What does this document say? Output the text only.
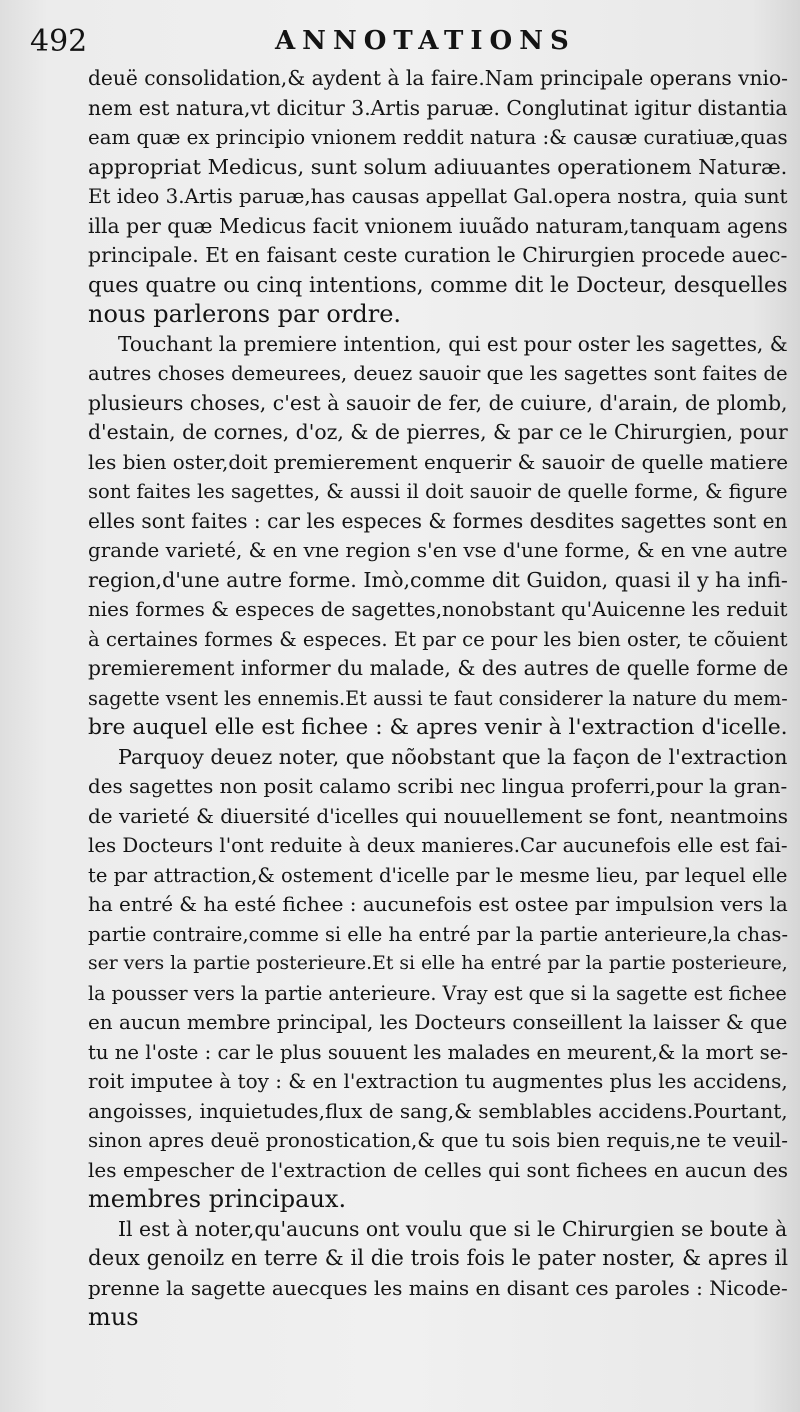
492	ANNOTATIONS
deuë consolidation,& aydent à la faire.Nam principale operans vnio-
nem est natura,vt dicitur 3.Artis paruæ. Conglutinat igitur distantia
eam quæ ex principio vnionem reddit natura :& causæ curatiuæ,quas
appropriat Medicus, sunt solum adiuuantes operationem Naturæ.
Et ideo 3.Artis paruæ,has causas appellat Gal.opera nostra, quia sunt
illa per quæ Medicus facit vnionem iuuãdo naturam,tanquam agens
principale. Et en faisant ceste curation le Chirurgien procede auec-
ques quatre ou cinq intentions, comme dit le Docteur, desquelles
nous parlerons par ordre.
Touchant la premiere intention, qui est pour oster les sagettes, &
autres choses demeurees, deuez sauoir que les sagettes sont faites de
plusieurs choses, c'est à sauoir de fer, de cuiure, d'arain, de plomb,
d'estain, de cornes, d'oz, & de pierres, & par ce le Chirurgien, pour
les bien oster,doit premierement enquerir & sauoir de quelle matiere
sont faites les sagettes, & aussi il doit sauoir de quelle forme, & figure
elles sont faites : car les especes & formes desdites sagettes sont en
grande varieté, & en vne region s'en vse d'une forme, & en vne autre
region,d'une autre forme. Imò,comme dit Guidon, quasi il y ha infi-
nies formes & especes de sagettes,nonobstant qu'Auicenne les reduit
à certaines formes & especes. Et par ce pour les bien oster, te cõuient
premierement informer du malade, & des autres de quelle forme de
sagette vsent les ennemis.Et aussi te faut considerer la nature du mem-
bre auquel elle est fichee : & apres venir à l'extraction d'icelle.
Parquoy deuez noter, que nõobstant que la façon de l'extraction
des sagettes non posit calamo scribi nec lingua proferri,pour la gran-
de varieté & diuersité d'icelles qui nouuellement se font, neantmoins
les Docteurs l'ont reduite à deux manieres.Car aucunefois elle est fai-
te par attraction,& ostement d'icelle par le mesme lieu, par lequel elle
ha entré & ha esté fichee : aucunefois est ostee par impulsion vers la
partie contraire,comme si elle ha entré par la partie anterieure,la chas-
ser vers la partie posterieure.Et si elle ha entré par la partie posterieure,
la pousser vers la partie anterieure. Vray est que si la sagette est fichee
en aucun membre principal, les Docteurs conseillent la laisser & que
tu ne l'oste : car le plus souuent les malades en meurent,& la mort se-
roit imputee à toy : & en l'extraction tu augmentes plus les accidens,
angoisses, inquietudes,flux de sang,& semblables accidens.Pourtant,
sinon apres deuë pronostication,& que tu sois bien requis,ne te veuil-
les empescher de l'extraction de celles qui sont fichees en aucun des
membres principaux.
Il est à noter,qu'aucuns ont voulu que si le Chirurgien se boute à
deux genoilz en terre & il die trois fois le pater noster, & apres il
prenne la sagette auecques les mains en disant ces paroles : Nicode-
mus
